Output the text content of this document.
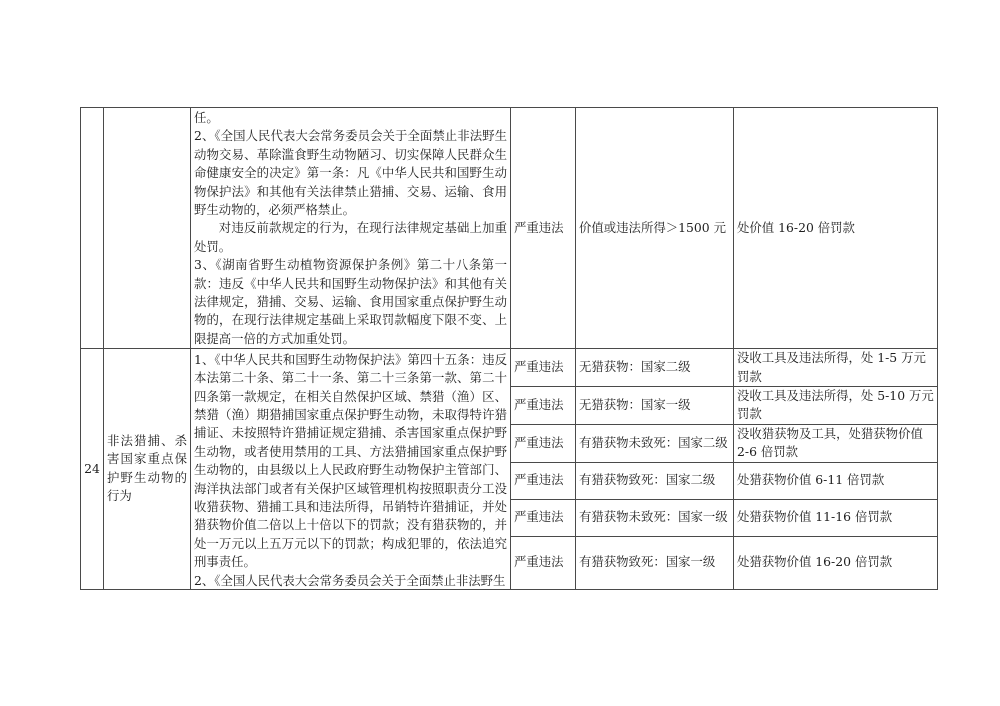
		任。

2、《全国人民代表大会常务委员会关于全面禁止非法野生动物交易、革除滥食野生动物陋习、切实保障人民群众生命健康安全的决定》第一条：凡《中华人民共和国野生动物保护法》和其他有关法律禁止猎捕、交易、运输、食用野生动物的，必须严格禁止。

对违反前款规定的行为，在现行法律规定基础上加重处罚。

3、《湖南省野生动植物资源保护条例》第二十八条第一款：违反《中华人民共和国野生动物保护法》和其他有关法律规定，猎捕、交易、运输、食用国家重点保护野生动物的，在现行法律规定基础上采取罚款幅度下限不变、上限提高一倍的方式加重处罚。	严重违法	价值或违法所得＞1500 元	处价值 16-20 倍罚款
24	非法猎捕、杀害国家重点保护野生动物的行为	1、《中华人民共和国野生动物保护法》第四十五条：违反本法第二十条、第二十一条、第二十三条第一款、第二十四条第一款规定，在相关自然保护区域、禁猎（渔）区、禁猎（渔）期猎捕国家重点保护野生动物，未取得特许猎捕证、未按照特许猎捕证规定猎捕、杀害国家重点保护野生动物，或者使用禁用的工具、方法猎捕国家重点保护野生动物的，由县级以上人民政府野生动物保护主管部门、海洋执法部门或者有关保护区域管理机构按照职责分工没收猎获物、猎捕工具和违法所得，吊销特许猎捕证，并处猎获物价值二倍以上十倍以下的罚款；没有猎获物的，并处一万元以上五万元以下的罚款；构成犯罪的，依法追究刑事责任。

2、《全国人民代表大会常务委员会关于全面禁止非法野生	严重违法	无猎获物：国家二级	没收工具及违法所得，处 1-5 万元罚款
			严重违法	无猎获物：国家一级	没收工具及违法所得，处 5-10 万元罚款
			严重违法	有猎获物未致死：国家二级	没收猎获物及工具，处猎获物价值 2-6 倍罚款
			严重违法	有猎获物致死：国家二级	处猎获物价值 6-11 倍罚款
			严重违法	有猎获物未致死：国家一级	处猎获物价值 11-16 倍罚款
			严重违法	有猎获物致死：国家一级	处猎获物价值 16-20 倍罚款
